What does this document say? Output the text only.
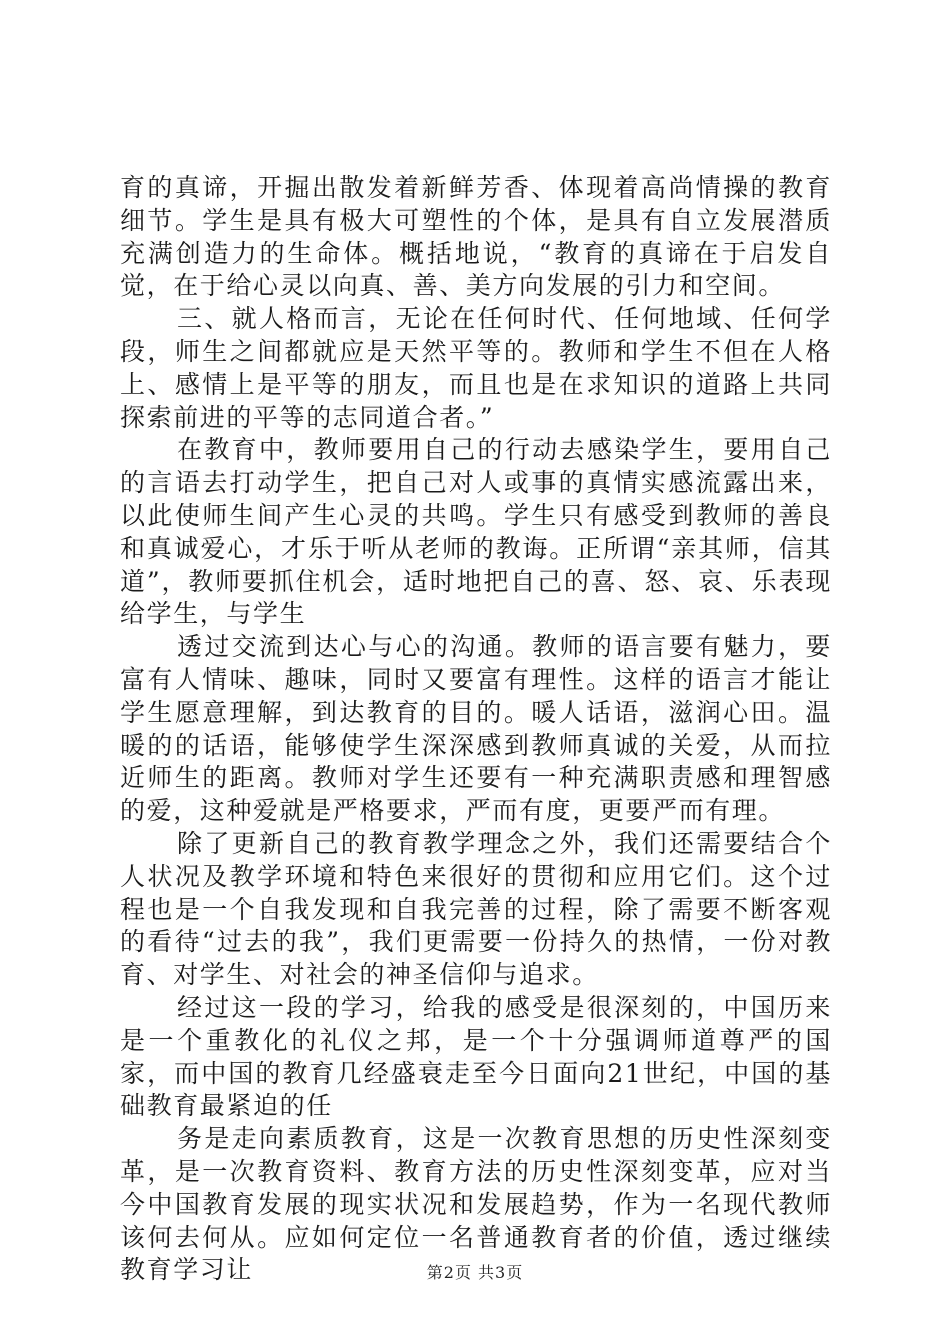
育的真谛，开掘出散发着新鲜芳香、体现着高尚情操的教育细节。学生是具有极大可塑性的个体，是具有自立发展潜质充满创造力的生命体。概括地说，“教育的真谛在于启发自觉，在于给心灵以向真、善、美方向发展的引力和空间。

三、就人格而言，无论在任何时代、任何地域、任何学段，师生之间都就应是天然平等的。教师和学生不但在人格上、感情上是平等的朋友，而且也是在求知识的道路上共同探索前进的平等的志同道合者。”

在教育中，教师要用自己的行动去感染学生，要用自己的言语去打动学生，把自己对人或事的真情实感流露出来，以此使师生间产生心灵的共鸣。学生只有感受到教师的善良和真诚爱心，才乐于听从老师的教诲。正所谓“亲其师，信其道”，教师要抓住机会，适时地把自己的喜、怒、哀、乐表现给学生，与学生

透过交流到达心与心的沟通。教师的语言要有魅力，要富有人情味、趣味，同时又要富有理性。这样的语言才能让学生愿意理解，到达教育的目的。暖人话语，滋润心田。温暖的的话语，能够使学生深深感到教师真诚的关爱，从而拉近师生的距离。教师对学生还要有一种充满职责感和理智感的爱，这种爱就是严格要求，严而有度，更要严而有理。

除了更新自己的教育教学理念之外，我们还需要结合个人状况及教学环境和特色来很好的贯彻和应用它们。这个过程也是一个自我发现和自我完善的过程，除了需要不断客观的看待“过去的我”，我们更需要一份持久的热情，一份对教育、对学生、对社会的神圣信仰与追求。

经过这一段的学习，给我的感受是很深刻的，中国历来是一个重教化的礼仪之邦，是一个十分强调师道尊严的国家，而中国的教育几经盛衰走至今日面向21世纪，中国的基础教育最紧迫的任

务是走向素质教育，这是一次教育思想的历史性深刻变革，是一次教育资料、教育方法的历史性深刻变革，应对当今中国教育发展的现实状况和发展趋势，作为一名现代教师该何去何从。应如何定位一名普通教育者的价值，透过继续教育学习让	第2页 共3页
